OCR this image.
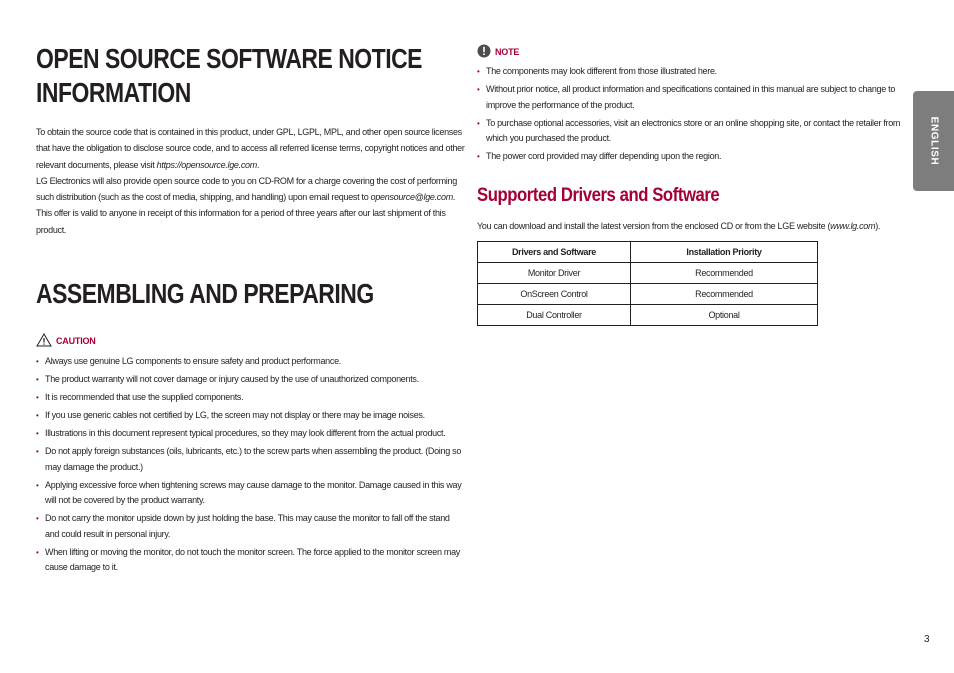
OPEN SOURCE SOFTWARE NOTICE
INFORMATION

To obtain the source code that is contained in this product, under GPL, LGPL, MPL, and other open source licenses that have the obligation to disclose source code, and to access all referred license terms, copyright notices and other relevant documents, please visit https://opensource.lge.com.

LG Electronics will also provide open source code to you on CD-ROM for a charge covering the cost of performing such distribution (such as the cost of media, shipping, and handling) upon email request to opensource@lge.com.

This offer is valid to anyone in receipt of this information for a period of three years after our last shipment of this product.

ASSEMBLING AND PREPARING
CAUTION
• Always use genuine LG components to ensure safety and product performance.
• The product warranty will not cover damage or injury caused by the use of unauthorized components.
• It is recommended that use the supplied components.
• If you use generic cables not certified by LG, the screen may not display or there may be image noises.
• Illustrations in this document represent typical procedures, so they may look different from the actual product.
• Do not apply foreign substances (oils, lubricants, etc.) to the screw parts when assembling the product. (Doing so may damage the product.)
• Applying excessive force when tightening screws may cause damage to the monitor. Damage caused in this way will not be covered by the product warranty.
• Do not carry the monitor upside down by just holding the base. This may cause the monitor to fall off the stand and could result in personal injury.
• When lifting or moving the monitor, do not touch the monitor screen. The force applied to the monitor screen may cause damage to it.
NOTE
• The components may look different from those illustrated here.
• Without prior notice, all product information and specifications contained in this manual are subject to change to improve the performance of the product.
• To purchase optional accessories, visit an electronics store or an online shopping site, or contact the retailer from which you purchased the product.
• The power cord provided may differ depending upon the region.
Supported Drivers and Software
You can download and install the latest version from the enclosed CD or from the LGE website (www.lg.com).
Drivers and Software	Installation Priority
Monitor Driver	Recommended
OnScreen Control	Recommended
Dual Controller	Optional
ENGLISH
3
